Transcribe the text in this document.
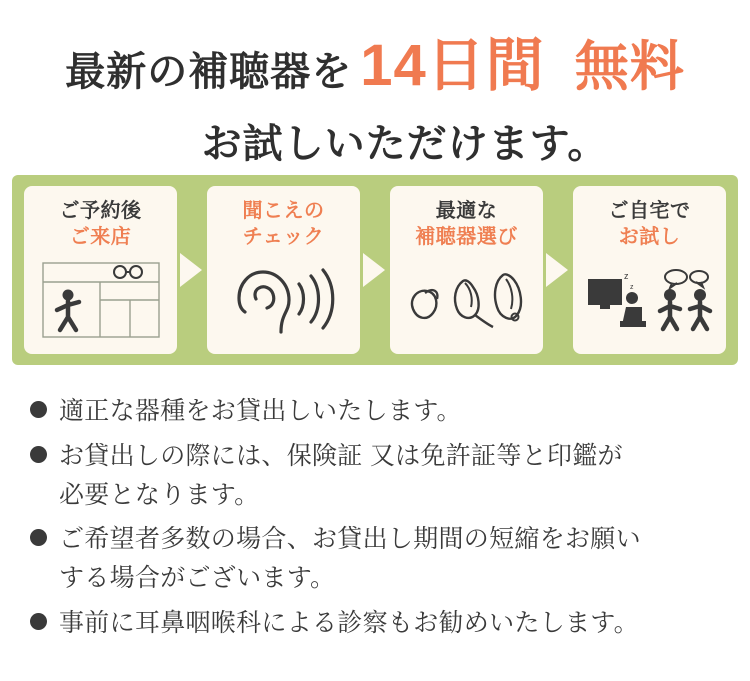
最新の補聴器を 14日間 無料
お試しいただけます。
ご予約後
ご来店
聞こえの
チェック
最適な
補聴器選び
ご自宅で
お試し
z
z
適正な器種をお貸出しいたします。
お貸出しの際には、保険証 又は免許証等と印鑑が
必要となります。
ご希望者多数の場合、お貸出し期間の短縮をお願い
する場合がございます。
事前に耳鼻咽喉科による診察もお勧めいたします。
